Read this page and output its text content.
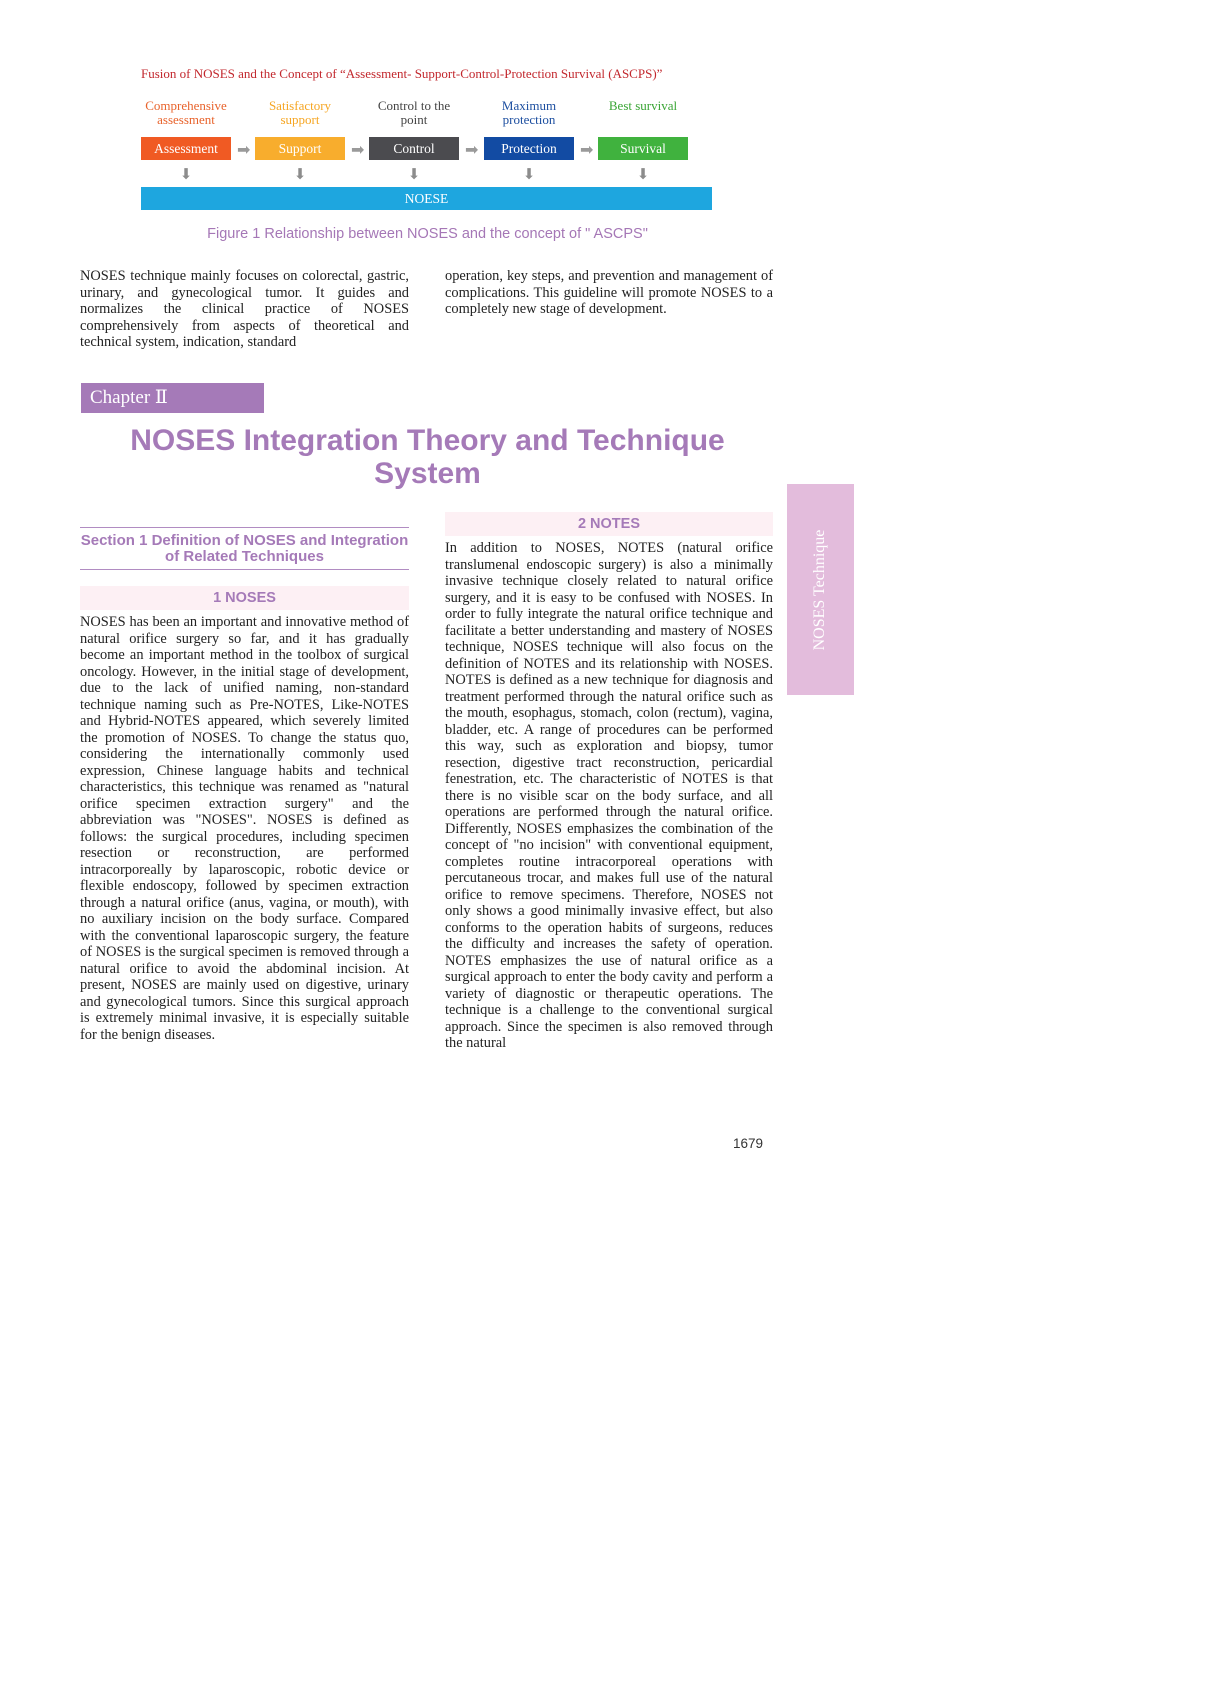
Fusion of NOSES and the Concept of “Assessment- Support-Control-Protection Survival (ASCPS)”
Comprehensive assessment
Assessment
⬇
➡
Satisfactory support
Support
⬇
➡
Control to the point
Control
⬇
➡
Maximum protection
Protection
⬇
➡
Best survival
Survival
⬇
NOESE
Figure 1 Relationship between NOSES and the concept of " ASCPS"
NOSES technique mainly focuses on colorectal, gastric, urinary, and gynecological tumor. It guides and normalizes the clinical practice of NOSES comprehensively from aspects of theoretical and technical system, indication, standard
operation, key steps, and prevention and management of complications. This guideline will promote NOSES to a completely new stage of development.
Chapter Ⅱ
NOSES Integration Theory and Technique System
NOSES Technique
Section 1 Definition of NOSES and Integration of Related Techniques
1 NOSES
NOSES has been an important and innovative method of natural orifice surgery so far, and it has gradually become an important method in the toolbox of surgical oncology. However, in the initial stage of development, due to the lack of unified naming, non-standard technique naming such as Pre-NOTES, Like-NOTES and Hybrid-NOTES appeared, which severely limited the promotion of NOSES. To change the status quo, considering the internationally commonly used expression, Chinese language habits and technical characteristics, this technique was renamed as "natural orifice specimen extraction surgery" and the abbreviation was "NOSES". NOSES is defined as follows: the surgical procedures, including specimen resection or reconstruction, are performed intracorporeally by laparoscopic, robotic device or flexible endoscopy, followed by specimen extraction through a natural orifice (anus, vagina, or mouth), with no auxiliary incision on the body surface. Compared with the conventional laparoscopic surgery, the feature of NOSES is the surgical specimen is removed through a natural orifice to avoid the abdominal incision. At present, NOSES are mainly used on digestive, urinary and gynecological tumors. Since this surgical approach is extremely minimal invasive, it is especially suitable for the benign diseases.
2 NOTES
In addition to NOSES, NOTES (natural orifice translumenal endoscopic surgery) is also a minimally invasive technique closely related to natural orifice surgery, and it is easy to be confused with NOSES. In order to fully integrate the natural orifice technique and facilitate a better understanding and mastery of NOSES technique, NOSES technique will also focus on the definition of NOTES and its relationship with NOSES. NOTES is defined as a new technique for diagnosis and treatment performed through the natural orifice such as the mouth, esophagus, stomach, colon (rectum), vagina, bladder, etc. A range of procedures can be performed this way, such as exploration and biopsy, tumor resection, digestive tract reconstruction, pericardial fenestration, etc. The characteristic of NOTES is that there is no visible scar on the body surface, and all operations are performed through the natural orifice. Differently, NOSES emphasizes the combination of the concept of "no incision" with conventional equipment, completes routine intracorporeal operations with percutaneous trocar, and makes full use of the natural orifice to remove specimens. Therefore, NOSES not only shows a good minimally invasive effect, but also conforms to the operation habits of surgeons, reduces the difficulty and increases the safety of operation. NOTES emphasizes the use of natural orifice as a surgical approach to enter the body cavity and perform a variety of diagnostic or therapeutic operations. The technique is a challenge to the conventional surgical approach. Since the specimen is also removed through the natural
1679
